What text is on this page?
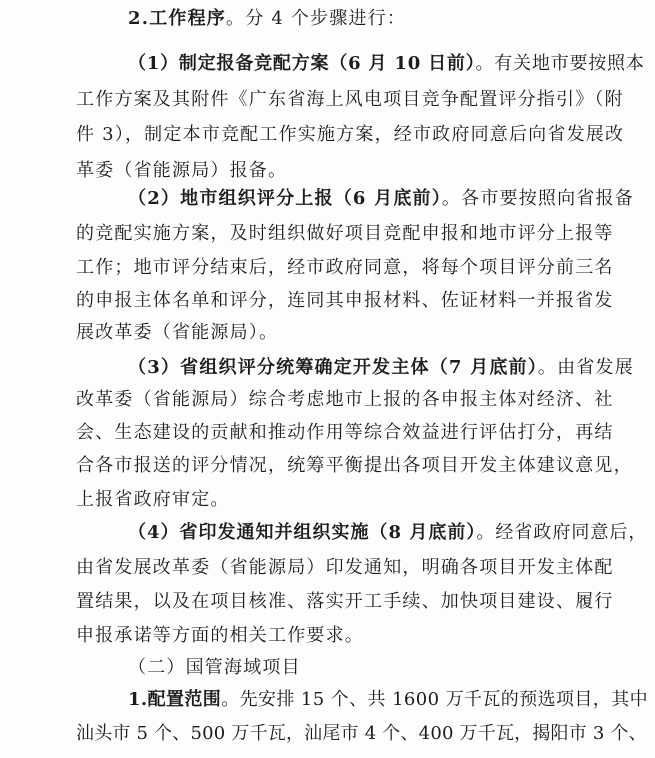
2.工作程序。分 4 个步骤进行：
（1）制定报备竞配方案（6 月 10 日前）。有关地市要按照本
工作方案及其附件《广东省海上风电项目竞争配置评分指引》（附
件 3），制定本市竞配工作实施方案，经市政府同意后向省发展改
革委（省能源局）报备。
（2）地市组织评分上报（6 月底前）。各市要按照向省报备
的竞配实施方案，及时组织做好项目竞配申报和地市评分上报等
工作；地市评分结束后，经市政府同意，将每个项目评分前三名
的申报主体名单和评分，连同其申报材料、佐证材料一并报省发
展改革委（省能源局）。
（3）省组织评分统筹确定开发主体（7 月底前）。由省发展
改革委（省能源局）综合考虑地市上报的各申报主体对经济、社
会、生态建设的贡献和推动作用等综合效益进行评估打分，再结
合各市报送的评分情况，统筹平衡提出各项目开发主体建议意见，
上报省政府审定。
（4）省印发通知并组织实施（8 月底前）。经省政府同意后，
由省发展改革委（省能源局）印发通知，明确各项目开发主体配
置结果，以及在项目核准、落实开工手续、加快项目建设、履行
申报承诺等方面的相关工作要求。
（二）国管海域项目
1.配置范围。先安排 15 个、共 1600 万千瓦的预选项目，其中
汕头市 5 个、500 万千瓦，汕尾市 4 个、400 万千瓦，揭阳市 3 个、
